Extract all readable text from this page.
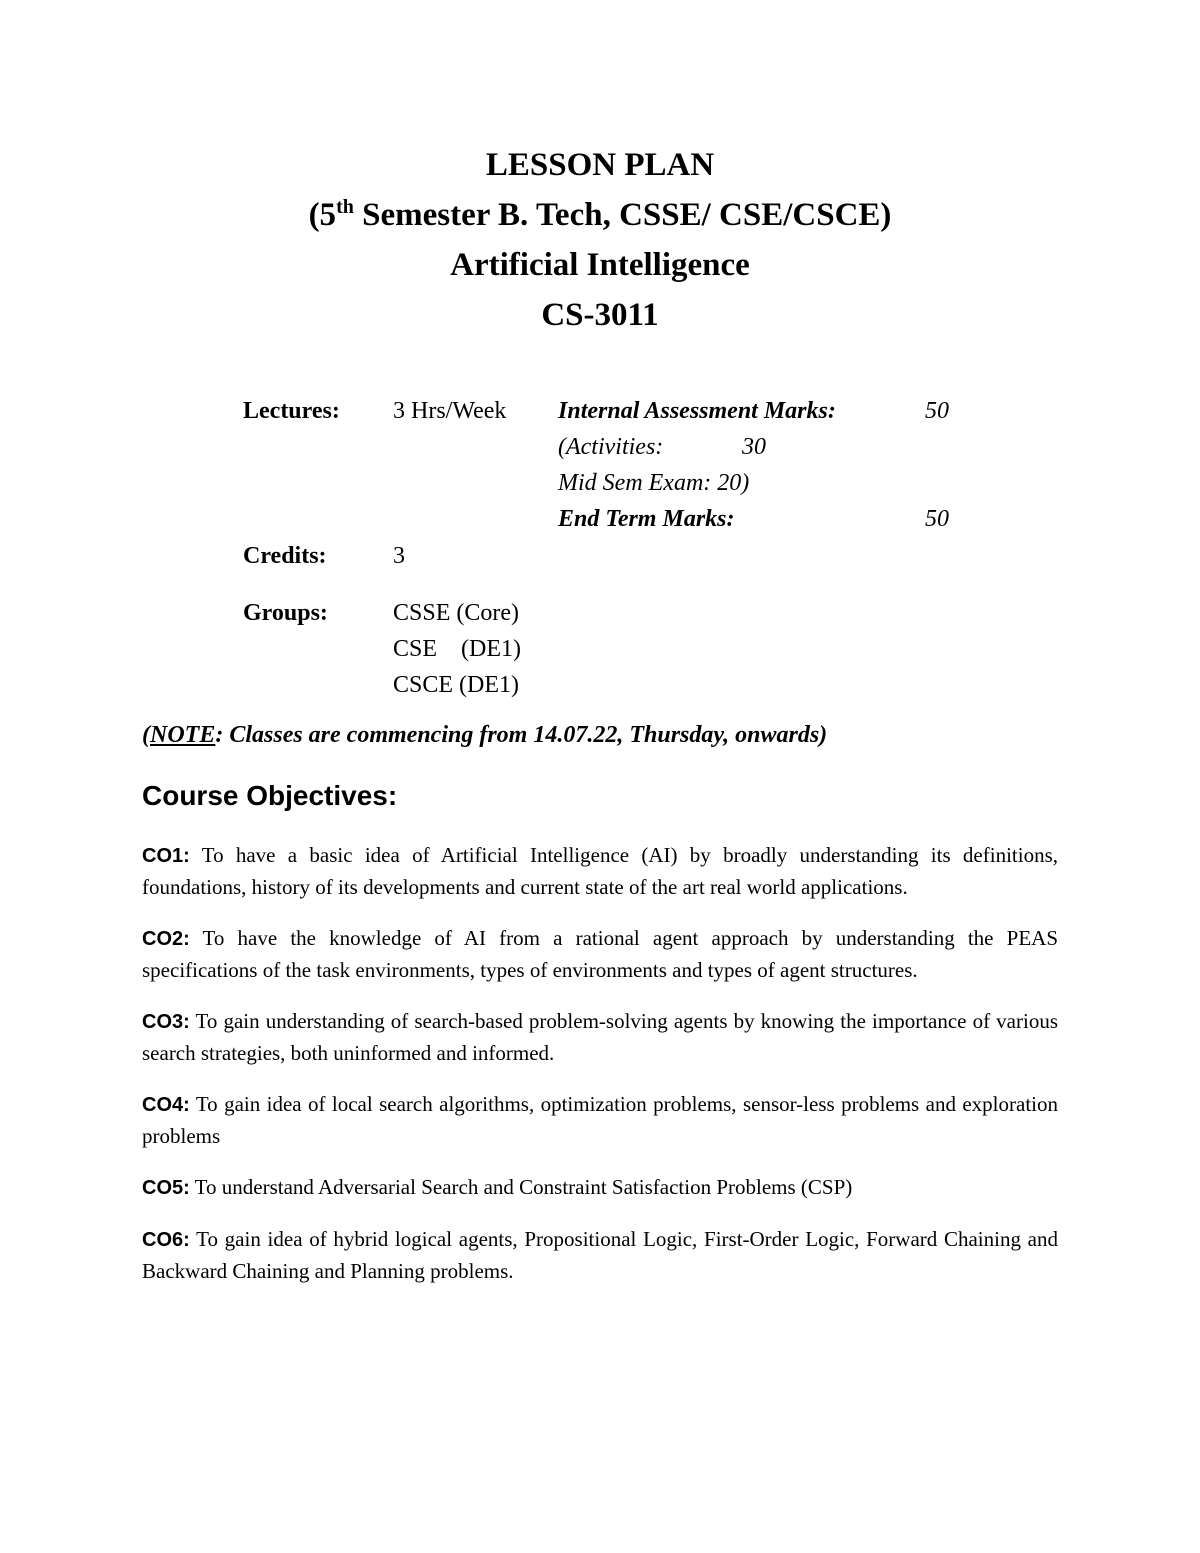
LESSON PLAN
(5th Semester B. Tech, CSSE/ CSE/CSCE)
Artificial Intelligence
CS-3011
Lectures: 3 Hrs/Week Internal Assessment Marks:	50
(Activities:	30
Mid Sem Exam: 20)
End Term Marks:	50
Credits:	3
Groups:	CSSE (Core)
CSE    (DE1)
CSCE (DE1)
(NOTE: Classes are commencing from 14.07.22, Thursday, onwards)
Course Objectives:

CO1: To have a basic idea of Artificial Intelligence (AI) by broadly understanding its definitions, foundations, history of its developments and current state of the art real world applications.

CO2: To have the knowledge of AI from a rational agent approach by understanding the PEAS specifications of the task environments, types of environments and types of agent structures.

CO3: To gain understanding of search-based problem-solving agents by knowing the importance of various search strategies, both uninformed and informed.

CO4: To gain idea of local search algorithms, optimization problems, sensor-less problems and exploration problems

CO5: To understand Adversarial Search and Constraint Satisfaction Problems (CSP)

CO6: To gain idea of hybrid logical agents, Propositional Logic, First-Order Logic, Forward Chaining and Backward Chaining and Planning problems.
